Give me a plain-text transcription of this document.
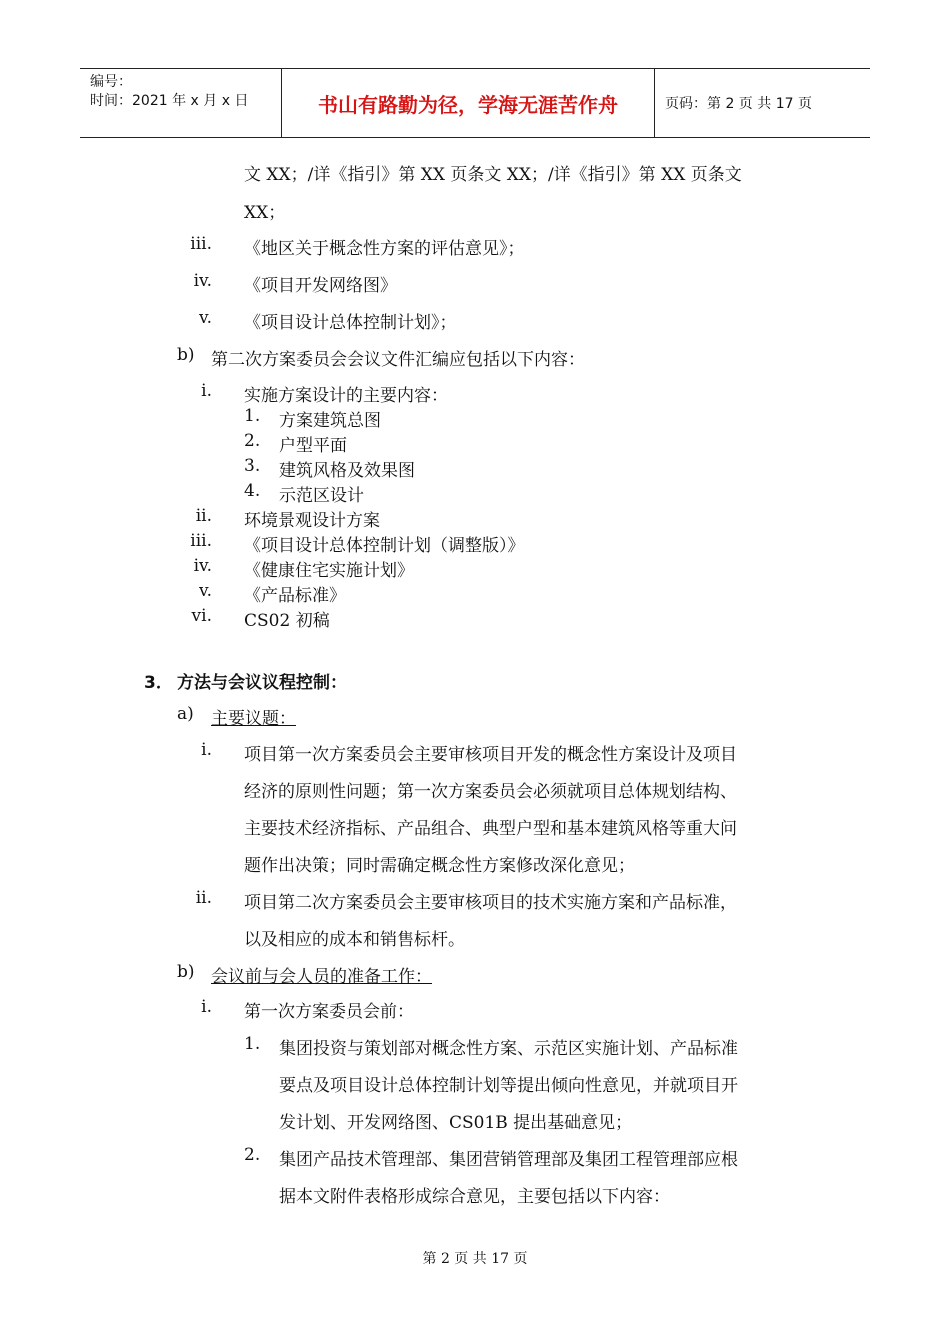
编号：
时间：2021 年 x 月 x 日	书山有路勤为径，学海无涯苦作舟	页码：第 2 页 共 17 页
文 XX；/详《指引》第 XX 页条文 XX；/详《指引》第 XX 页条文
XX；
iii. 《地区关于概念性方案的评估意见》；
iv. 《项目开发网络图》
v. 《项目设计总体控制计划》；
b) 第二次方案委员会会议文件汇编应包括以下内容：
i. 实施方案设计的主要内容：
1. 方案建筑总图
2. 户型平面
3. 建筑风格及效果图
4. 示范区设计
ii. 环境景观设计方案
iii. 《项目设计总体控制计划（调整版）》
iv. 《健康住宅实施计划》
v. 《产品标准》
vi. CS02 初稿
3． 方法与会议议程控制：
a) 主要议题：
i. 项目第一次方案委员会主要审核项目开发的概念性方案设计及项目
经济的原则性问题；第一次方案委员会必须就项目总体规划结构、
主要技术经济指标、产品组合、典型户型和基本建筑风格等重大问
题作出决策；同时需确定概念性方案修改深化意见；
ii. 项目第二次方案委员会主要审核项目的技术实施方案和产品标准，
以及相应的成本和销售标杆。
b) 会议前与会人员的准备工作：
i. 第一次方案委员会前：
1. 集团投资与策划部对概念性方案、示范区实施计划、产品标准
要点及项目设计总体控制计划等提出倾向性意见，并就项目开
发计划、开发网络图、CS01B 提出基础意见；
2. 集团产品技术管理部、集团营销管理部及集团工程管理部应根
据本文附件表格形成综合意见，主要包括以下内容：
第 2 页 共 17 页
